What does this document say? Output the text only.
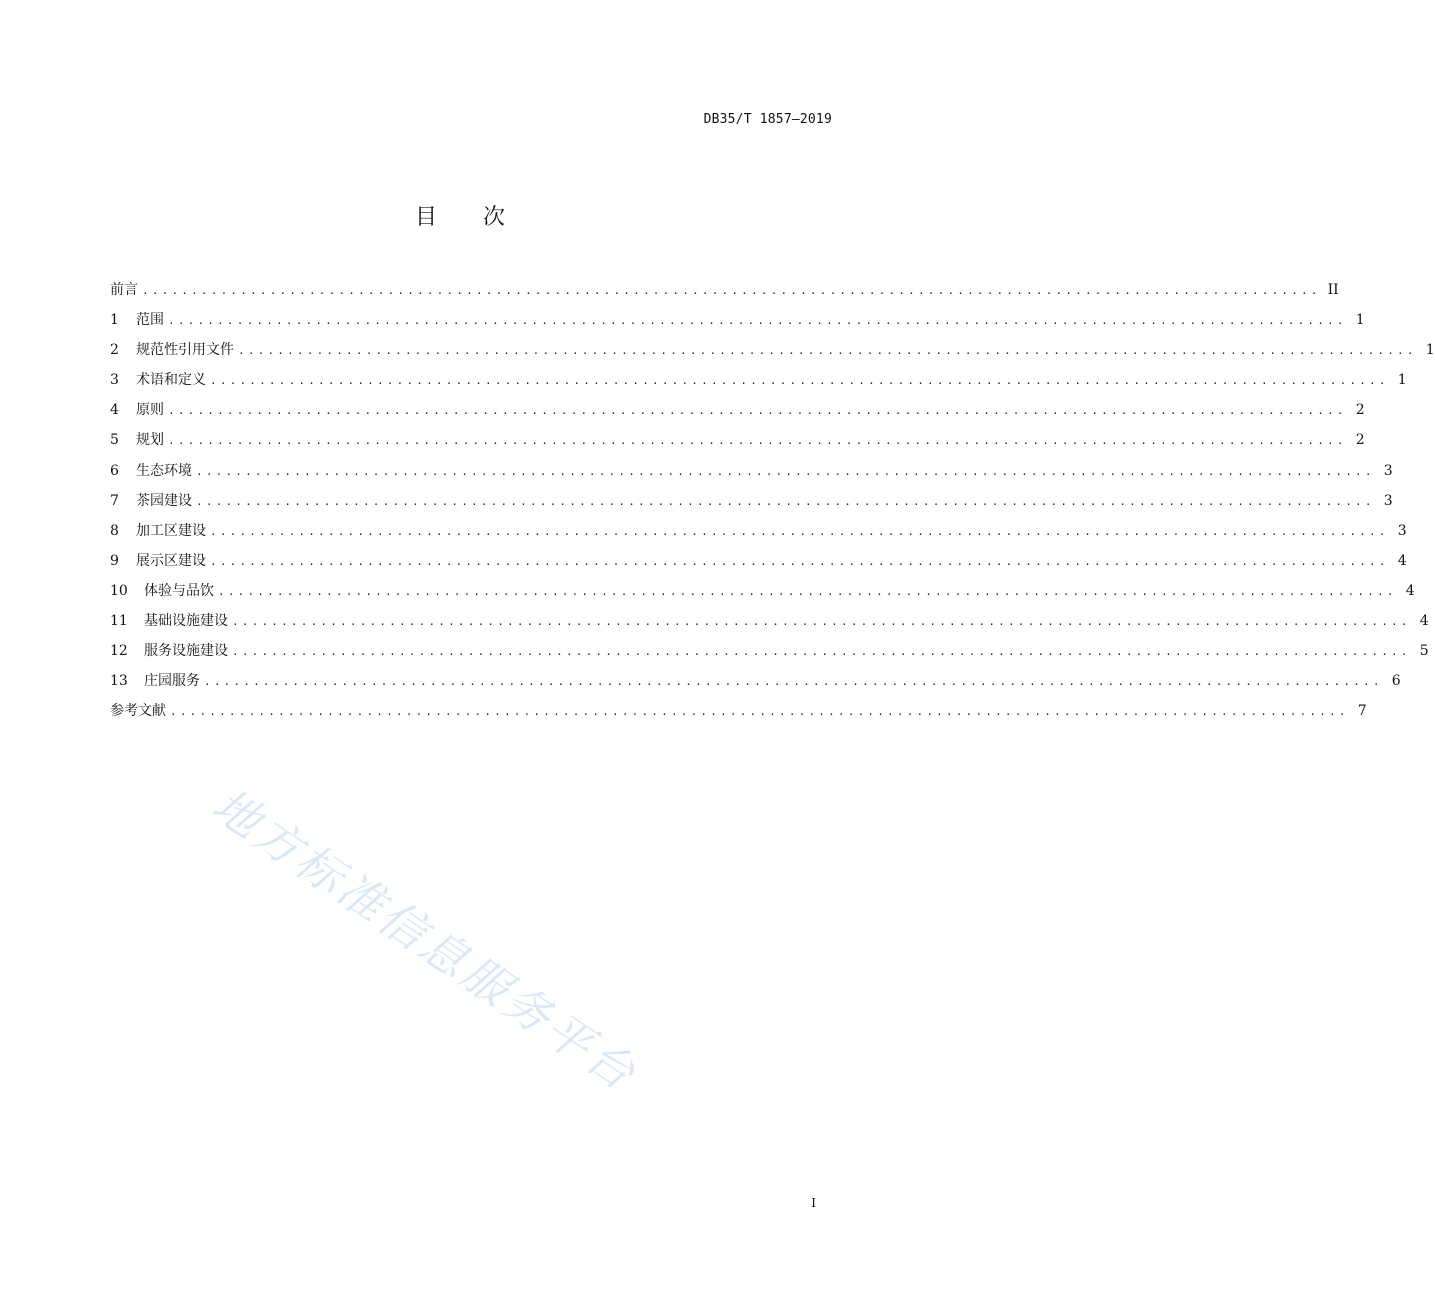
DB35/T 1857—2019
目 次
前言 ........................................................................................................................ II
1	范围 ........................................................................................................................ 1
2	规范性引用文件 ........................................................................................................................ 1
3	术语和定义 ........................................................................................................................ 1
4	原则 ........................................................................................................................ 2
5	规划 ........................................................................................................................ 2
6	生态环境 ........................................................................................................................ 3
7	茶园建设 ........................................................................................................................ 3
8	加工区建设 ........................................................................................................................ 3
9	展示区建设 ........................................................................................................................ 4
10	体验与品饮 ........................................................................................................................ 4
11	基础设施建设 ........................................................................................................................ 4
12	服务设施建设 ........................................................................................................................ 5
13	庄园服务 ........................................................................................................................ 6
参考文献 ........................................................................................................................ 7
地方标准信息服务平台
I
